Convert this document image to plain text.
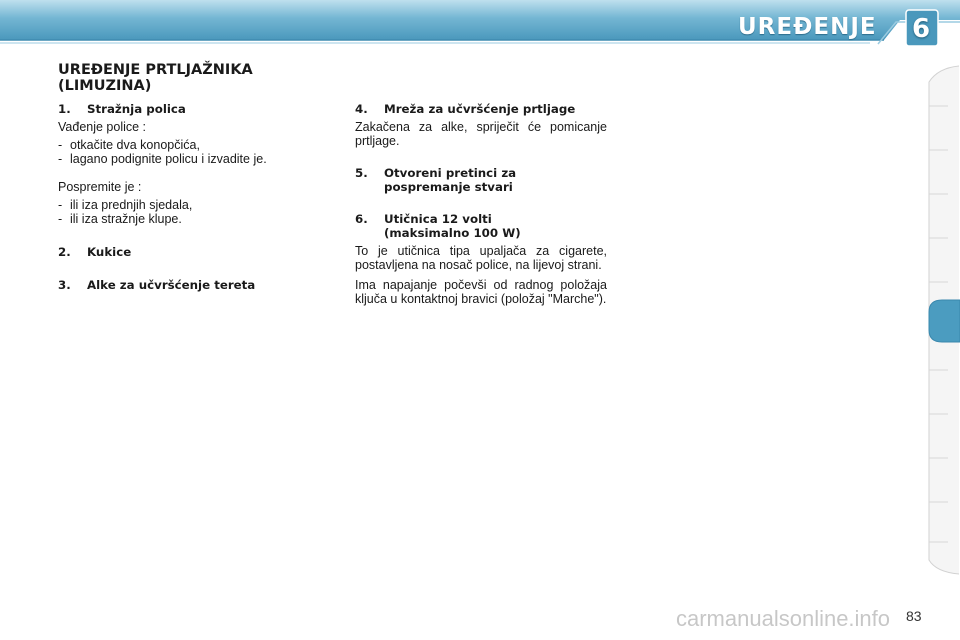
UREĐENJE 6
UREĐENJE PRTLJAŽNIKA
(LIMUZINA)
1.	Stražnja polica

Vađenje police :

- otkačite dva konopčića,
- lagano podignite policu i izvadite je.

Pospremite je :

- ili iza prednjih sjedala,
- ili iza stražnje klupe.
2.	Kukice
3.	Alke za učvršćenje tereta
4.	Mreža za učvršćenje prtljage

Zakačena za alke, spriječit će pomicanje prtljage.

5.	Otvoreni pretinci za
pospremanje stvari
6.	Utičnica 12 volti
(maksimalno 100 W)

To je utičnica tipa upaljača za cigarete, postavljena na nosač police, na lijevoj strani.

Ima napajanje počevši od radnog položaja ključa u kontaktnoj bravici (položaj "Marche").

carmanualsonline.info 83
